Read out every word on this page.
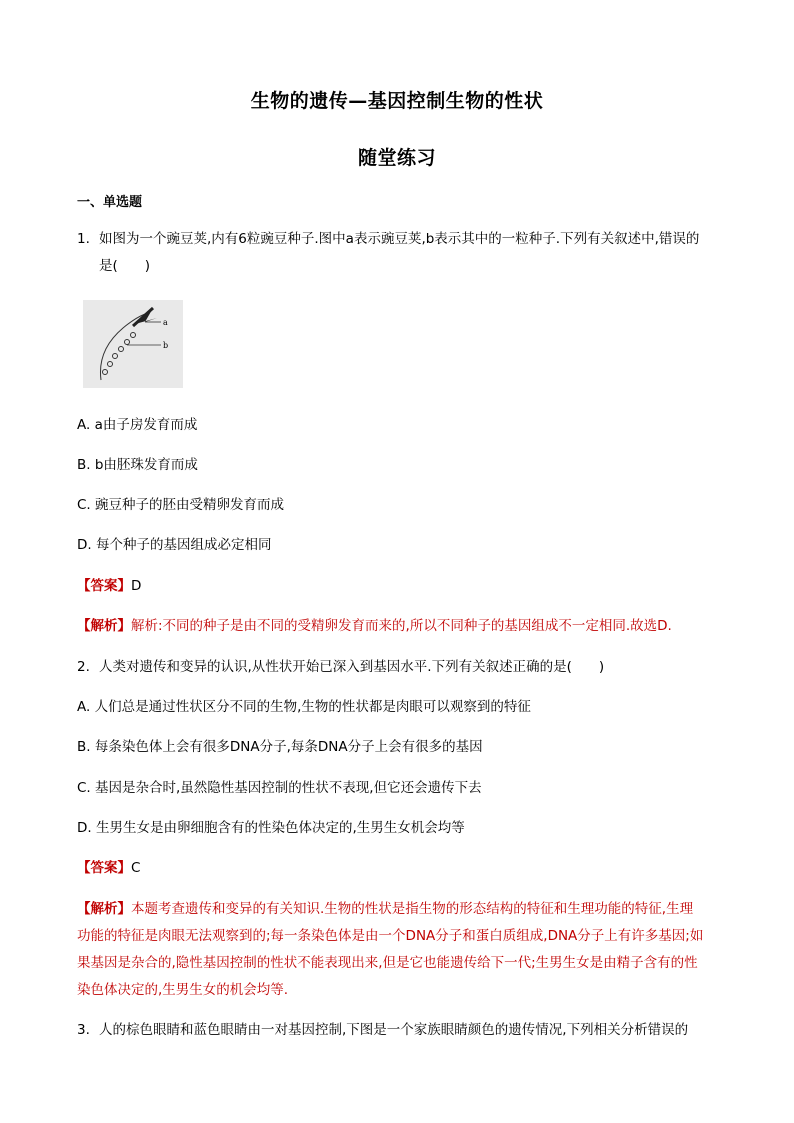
生物的遗传—基因控制生物的性状
随堂练习
一、单选题
1. 如图为一个豌豆荚,内有6粒豌豆种子.图中a表示豌豆荚,b表示其中的一粒种子.下列有关叙述中,错误的
是(　　)
a
b
A. a由子房发育而成
B. b由胚珠发育而成
C. 豌豆种子的胚由受精卵发育而成
D. 每个种子的基因组成必定相同
【答案】D
【解析】解析:不同的种子是由不同的受精卵发育而来的,所以不同种子的基因组成不一定相同.故选D.
2. 人类对遗传和变异的认识,从性状开始已深入到基因水平.下列有关叙述正确的是(　　)
A. 人们总是通过性状区分不同的生物,生物的性状都是肉眼可以观察到的特征
B. 每条染色体上会有很多DNA分子,每条DNA分子上会有很多的基因
C. 基因是杂合时,虽然隐性基因控制的性状不表现,但它还会遗传下去
D. 生男生女是由卵细胞含有的性染色体决定的,生男生女机会均等
【答案】C
【解析】本题考查遗传和变异的有关知识.生物的性状是指生物的形态结构的特征和生理功能的特征,生理
功能的特征是肉眼无法观察到的;每一条染色体是由一个DNA分子和蛋白质组成,DNA分子上有许多基因;如
果基因是杂合的,隐性基因控制的性状不能表现出来,但是它也能遗传给下一代;生男生女是由精子含有的性
染色体决定的,生男生女的机会均等.
3. 人的棕色眼睛和蓝色眼睛由一对基因控制,下图是一个家族眼睛颜色的遗传情况,下列相关分析错误的
